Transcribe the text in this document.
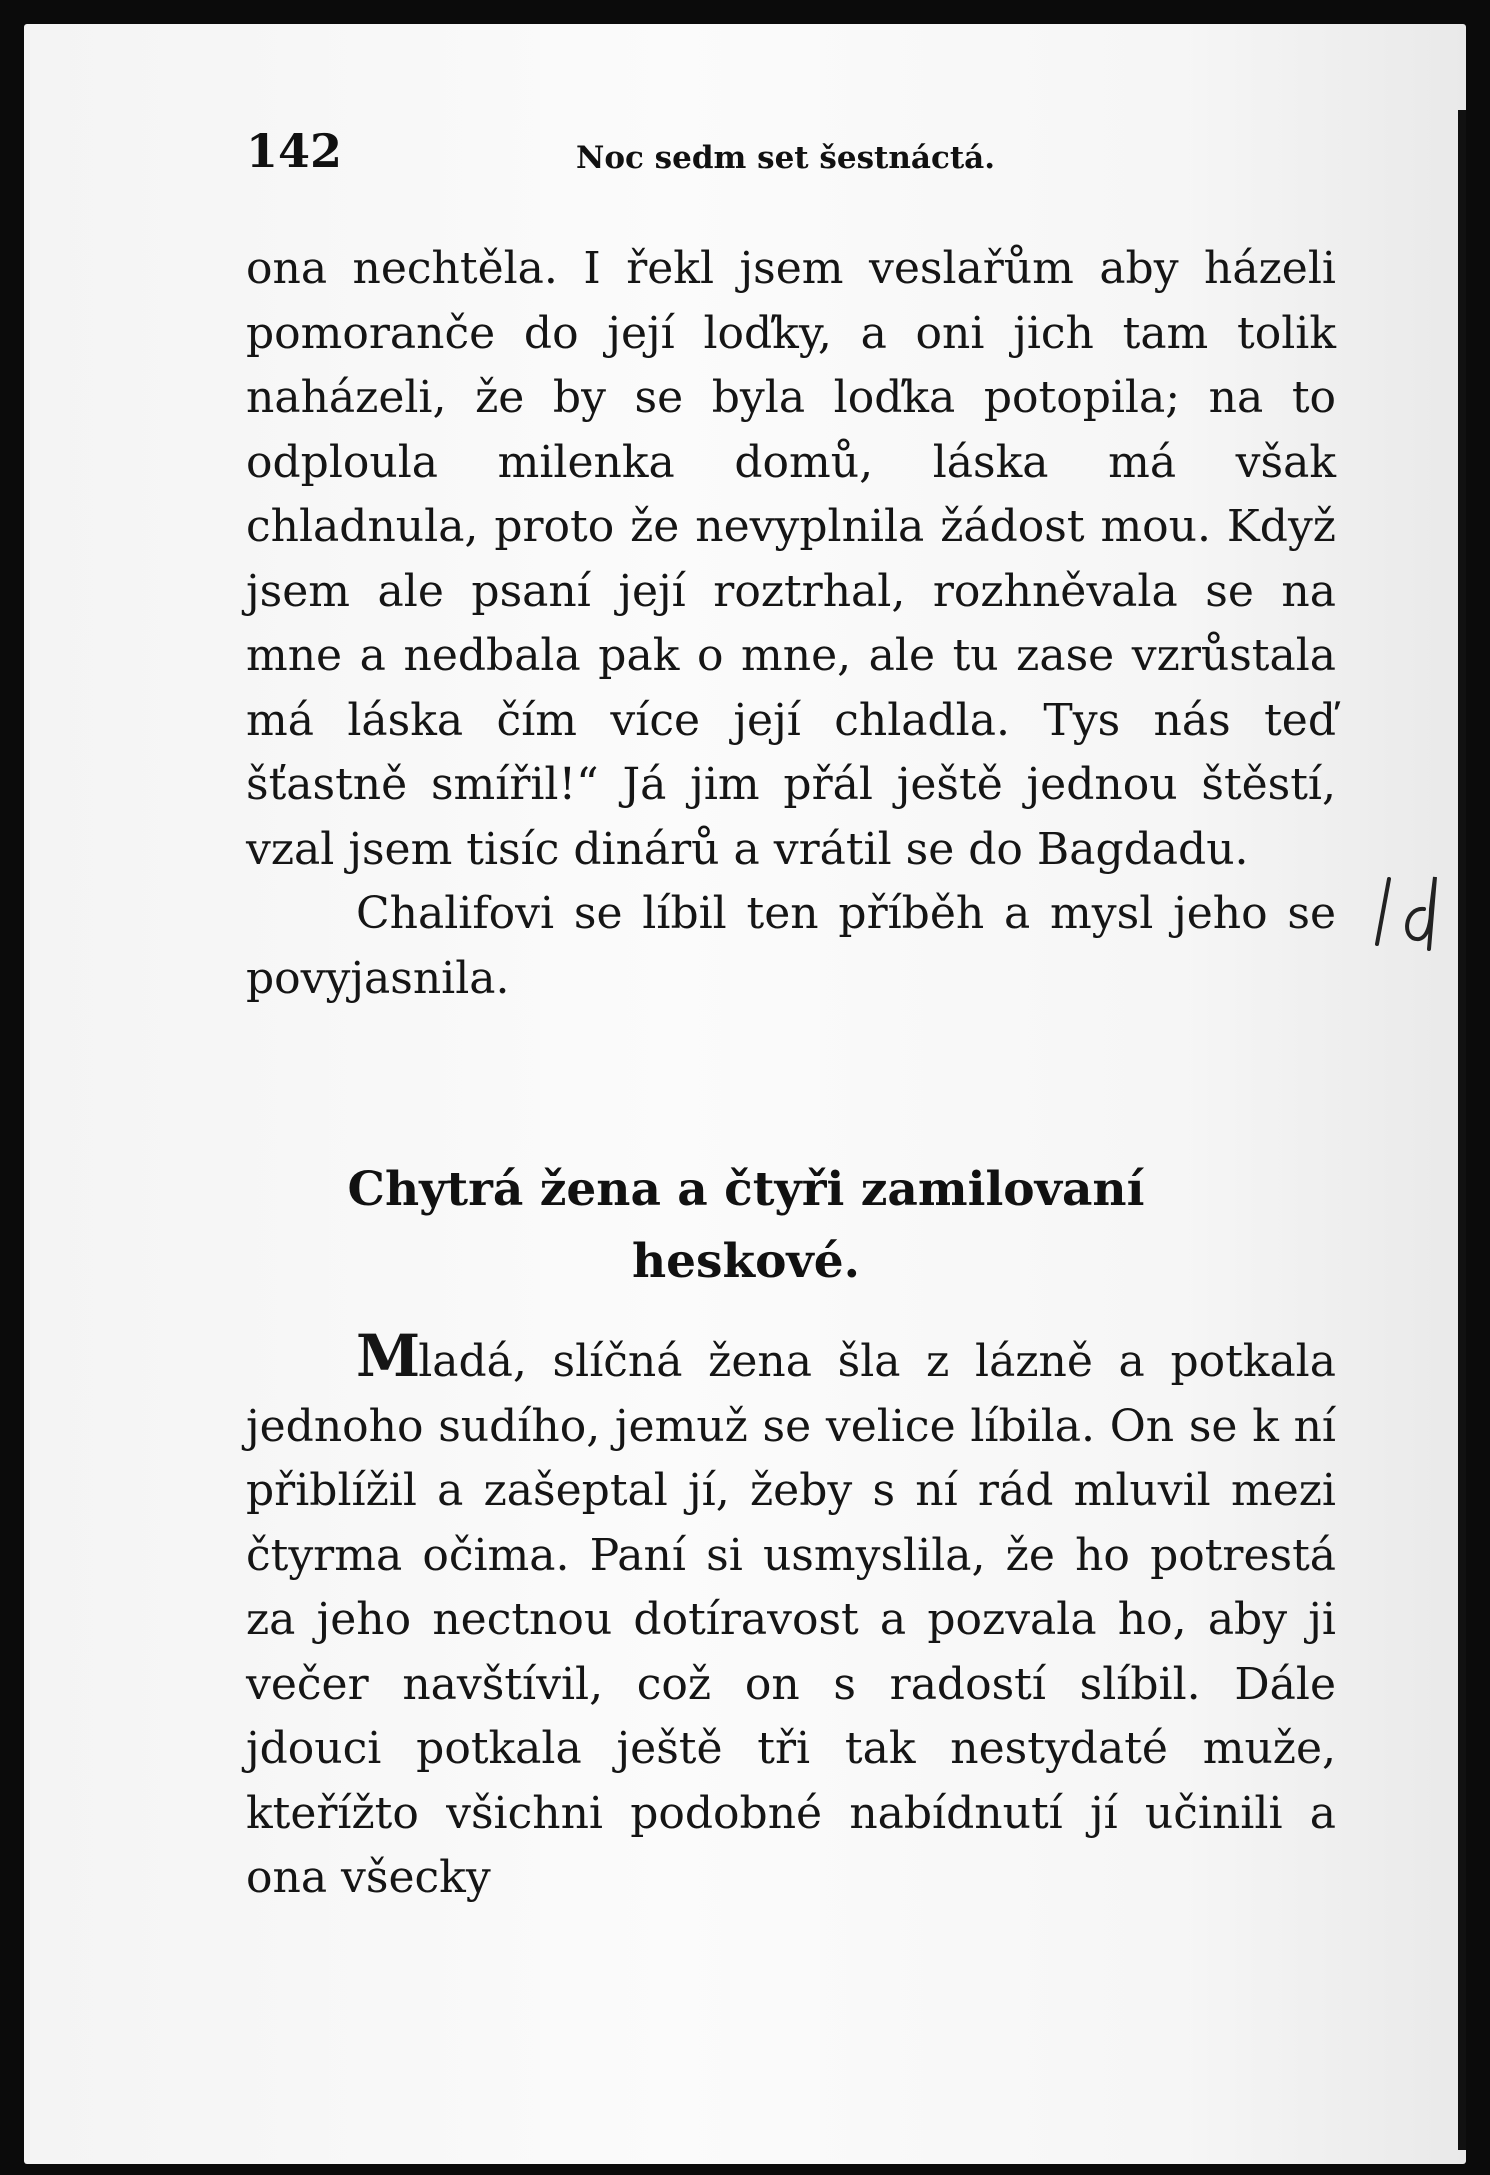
142	Noc sedm set šestnáctá.

ona nechtěla. I řekl jsem veslařům aby házeli pomoranče do její loďky, a oni jich tam tolik naházeli, že by se byla loďka potopila; na to odploula milenka domů, láska má však chladnula, proto že nevyplnila žádost mou. Když jsem ale psaní její roztrhal, rozhněvala se na mne a nedbala pak o mne, ale tu zase vzrůstala má láska čím více její chladla. Tys nás teď šťastně smířil!“ Já jim přál ještě jednou štěstí, vzal jsem tisíc dinárů a vrátil se do Bagdadu.

Chalifovi se líbil ten příběh a mysl jeho se povyjasnila.

Chytrá žena a čtyři zamilovaní
heskové.

Mladá, slíčná žena šla z lázně a potkala jednoho sudího, jemuž se velice líbila. On se k ní přiblížil a zašeptal jí, žeby s ní rád mluvil mezi čtyrma očima. Paní si usmyslila, že ho potrestá za jeho nectnou dotíravost a pozvala ho, aby ji večer navštívil, což on s radostí slíbil. Dále jdouci potkala ještě tři tak nestydaté muže, kteřížto všichni podobné nabídnutí jí učinili a ona všecky
